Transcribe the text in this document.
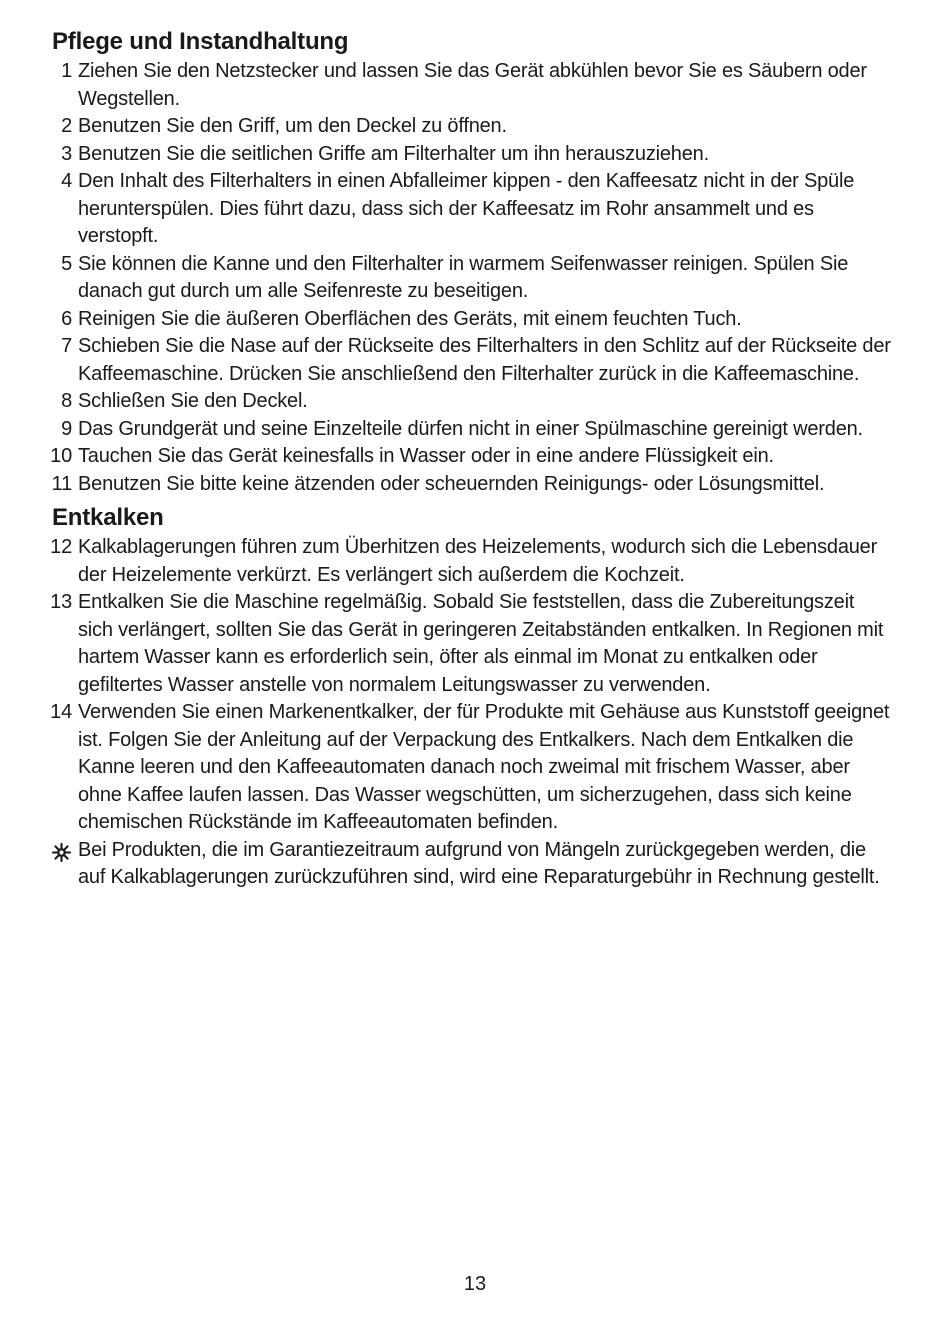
Pflege und Instandhaltung
1 Ziehen Sie den Netzstecker und lassen Sie das Gerät abkühlen bevor Sie es Säubern oder Wegstellen.
2 Benutzen Sie den Griff, um den Deckel zu öffnen.
3 Benutzen Sie die seitlichen Griffe am Filterhalter um ihn herauszuziehen.
4 Den Inhalt des Filterhalters in einen Abfalleimer kippen - den Kaffeesatz nicht in der Spüle herunterspülen. Dies führt dazu, dass sich der Kaffeesatz im Rohr ansammelt und es verstopft.
5 Sie können die Kanne und den Filterhalter in warmem Seifenwasser reinigen. Spülen Sie danach gut durch um alle Seifenreste zu beseitigen.
6 Reinigen Sie die äußeren Oberflächen des Geräts, mit einem feuchten Tuch.
7 Schieben Sie die Nase auf der Rückseite des Filterhalters in den Schlitz auf der Rückseite der Kaffeemaschine. Drücken Sie anschließend den Filterhalter zurück in die Kaffeemaschine.
8 Schließen Sie den Deckel.
9 Das Grundgerät und seine Einzelteile dürfen nicht in einer Spülmaschine gereinigt werden.
10 Tauchen Sie das Gerät keinesfalls in Wasser oder in eine andere Flüssigkeit ein.
11 Benutzen Sie bitte keine ätzenden oder scheuernden Reinigungs- oder Lösungsmittel.
Entkalken
12 Kalkablagerungen führen zum Überhitzen des Heizelements, wodurch sich die Lebensdauer der Heizelemente verkürzt. Es verlängert sich außerdem die Kochzeit.
13 Entkalken Sie die Maschine regelmäßig. Sobald Sie feststellen, dass die Zubereitungszeit sich verlängert, sollten Sie das Gerät in geringeren Zeitabständen entkalken. In Regionen mit hartem Wasser kann es erforderlich sein, öfter als einmal im Monat zu entkalken oder gefiltertes Wasser anstelle von normalem Leitungswasser zu verwenden.
14 Verwenden Sie einen Markenentkalker, der für Produkte mit Gehäuse aus Kunststoff geeignet ist. Folgen Sie der Anleitung auf der Verpackung des Entkalkers. Nach dem Entkalken die Kanne leeren und den Kaffeeautomaten danach noch zweimal mit frischem Wasser, aber ohne Kaffee laufen lassen. Das Wasser wegschütten, um sicherzugehen, dass sich keine chemischen Rückstände im Kaffeeautomaten befinden.
Bei Produkten, die im Garantiezeitraum aufgrund von Mängeln zurückgegeben werden, die auf Kalkablagerungen zurückzuführen sind, wird eine Reparaturgebühr in Rechnung gestellt.
13
